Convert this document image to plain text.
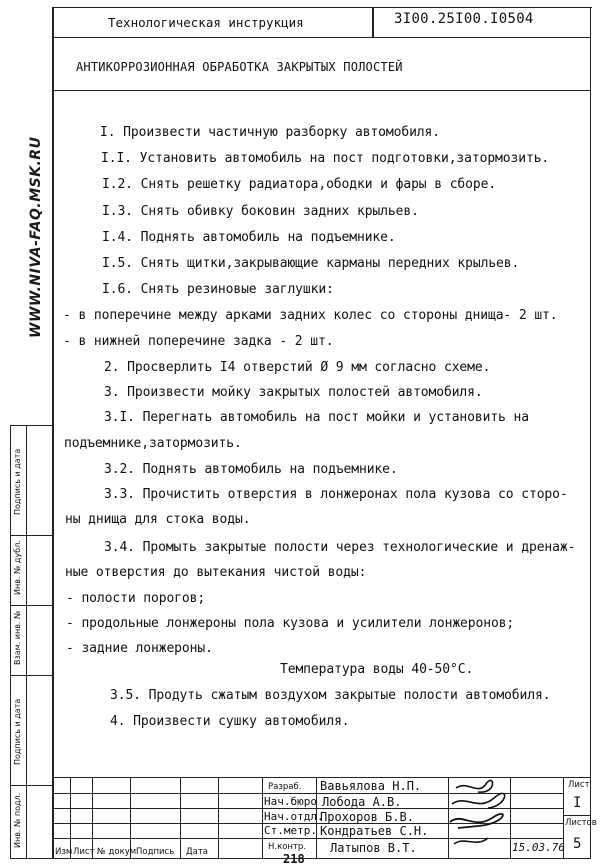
WWW.NIVA-FAQ.MSK.RU
Технологическая инструкция	3I00.25I00.I0504
АНТИКОРРОЗИОННАЯ ОБРАБОТКА ЗАКРЫТЫХ ПОЛОСТЕЙ
I. Произвести частичную разборку автомобиля.
I.I. Установить автомобиль на пост подготовки,затормозить.
I.2. Снять решетку радиатора,ободки и фары в сборе.
I.3. Снять обивку боковин задних крыльев.
I.4. Поднять автомобиль на подъемнике.
I.5. Снять щитки,закрывающие карманы передних крыльев.
I.6. Снять резиновые заглушки:
- в поперечине между арками задних колес со стороны днища- 2 шт.
- в нижней поперечине задка - 2 шт.
2. Просверлить I4 отверстий Ø 9 мм согласно схеме.
3. Произвести мойку закрытых полостей автомобиля.
3.I. Перегнать автомобиль на пост мойки и установить на
подъемнике,затормозить.
3.2. Поднять автомобиль на подъемнике.
3.3. Прочистить отверстия в лонжеронах пола кузова со сторо-
ны днища для стока воды.
3.4. Промыть закрытые полости через технологические и дренаж-
ные отверстия до вытекания чистой воды:
- полости порогов;
- продольные лонжероны пола кузова и усилители лонжеронов;
- задние лонжероны.
Температура воды 40-50°С.
3.5. Продуть сжатым воздухом закрытые полости автомобиля.
4. Произвести сушку автомобиля.
Подпись и дата
Инв. № дубл.
Взам. инв. №
Подпись и дата
Инв. № подл.
Разраб. Вавьялова Н.П.
Нач.бюро Лобода А.В.
Нач.отдл.
Прохоров Б.В.
Ст.метр. Кондратьев С.Н.
Н.контр. Латыпов В.Т.
Изм Лист № докум Подпись Дата
Лист
I
Листов
5
15.03.76
218
